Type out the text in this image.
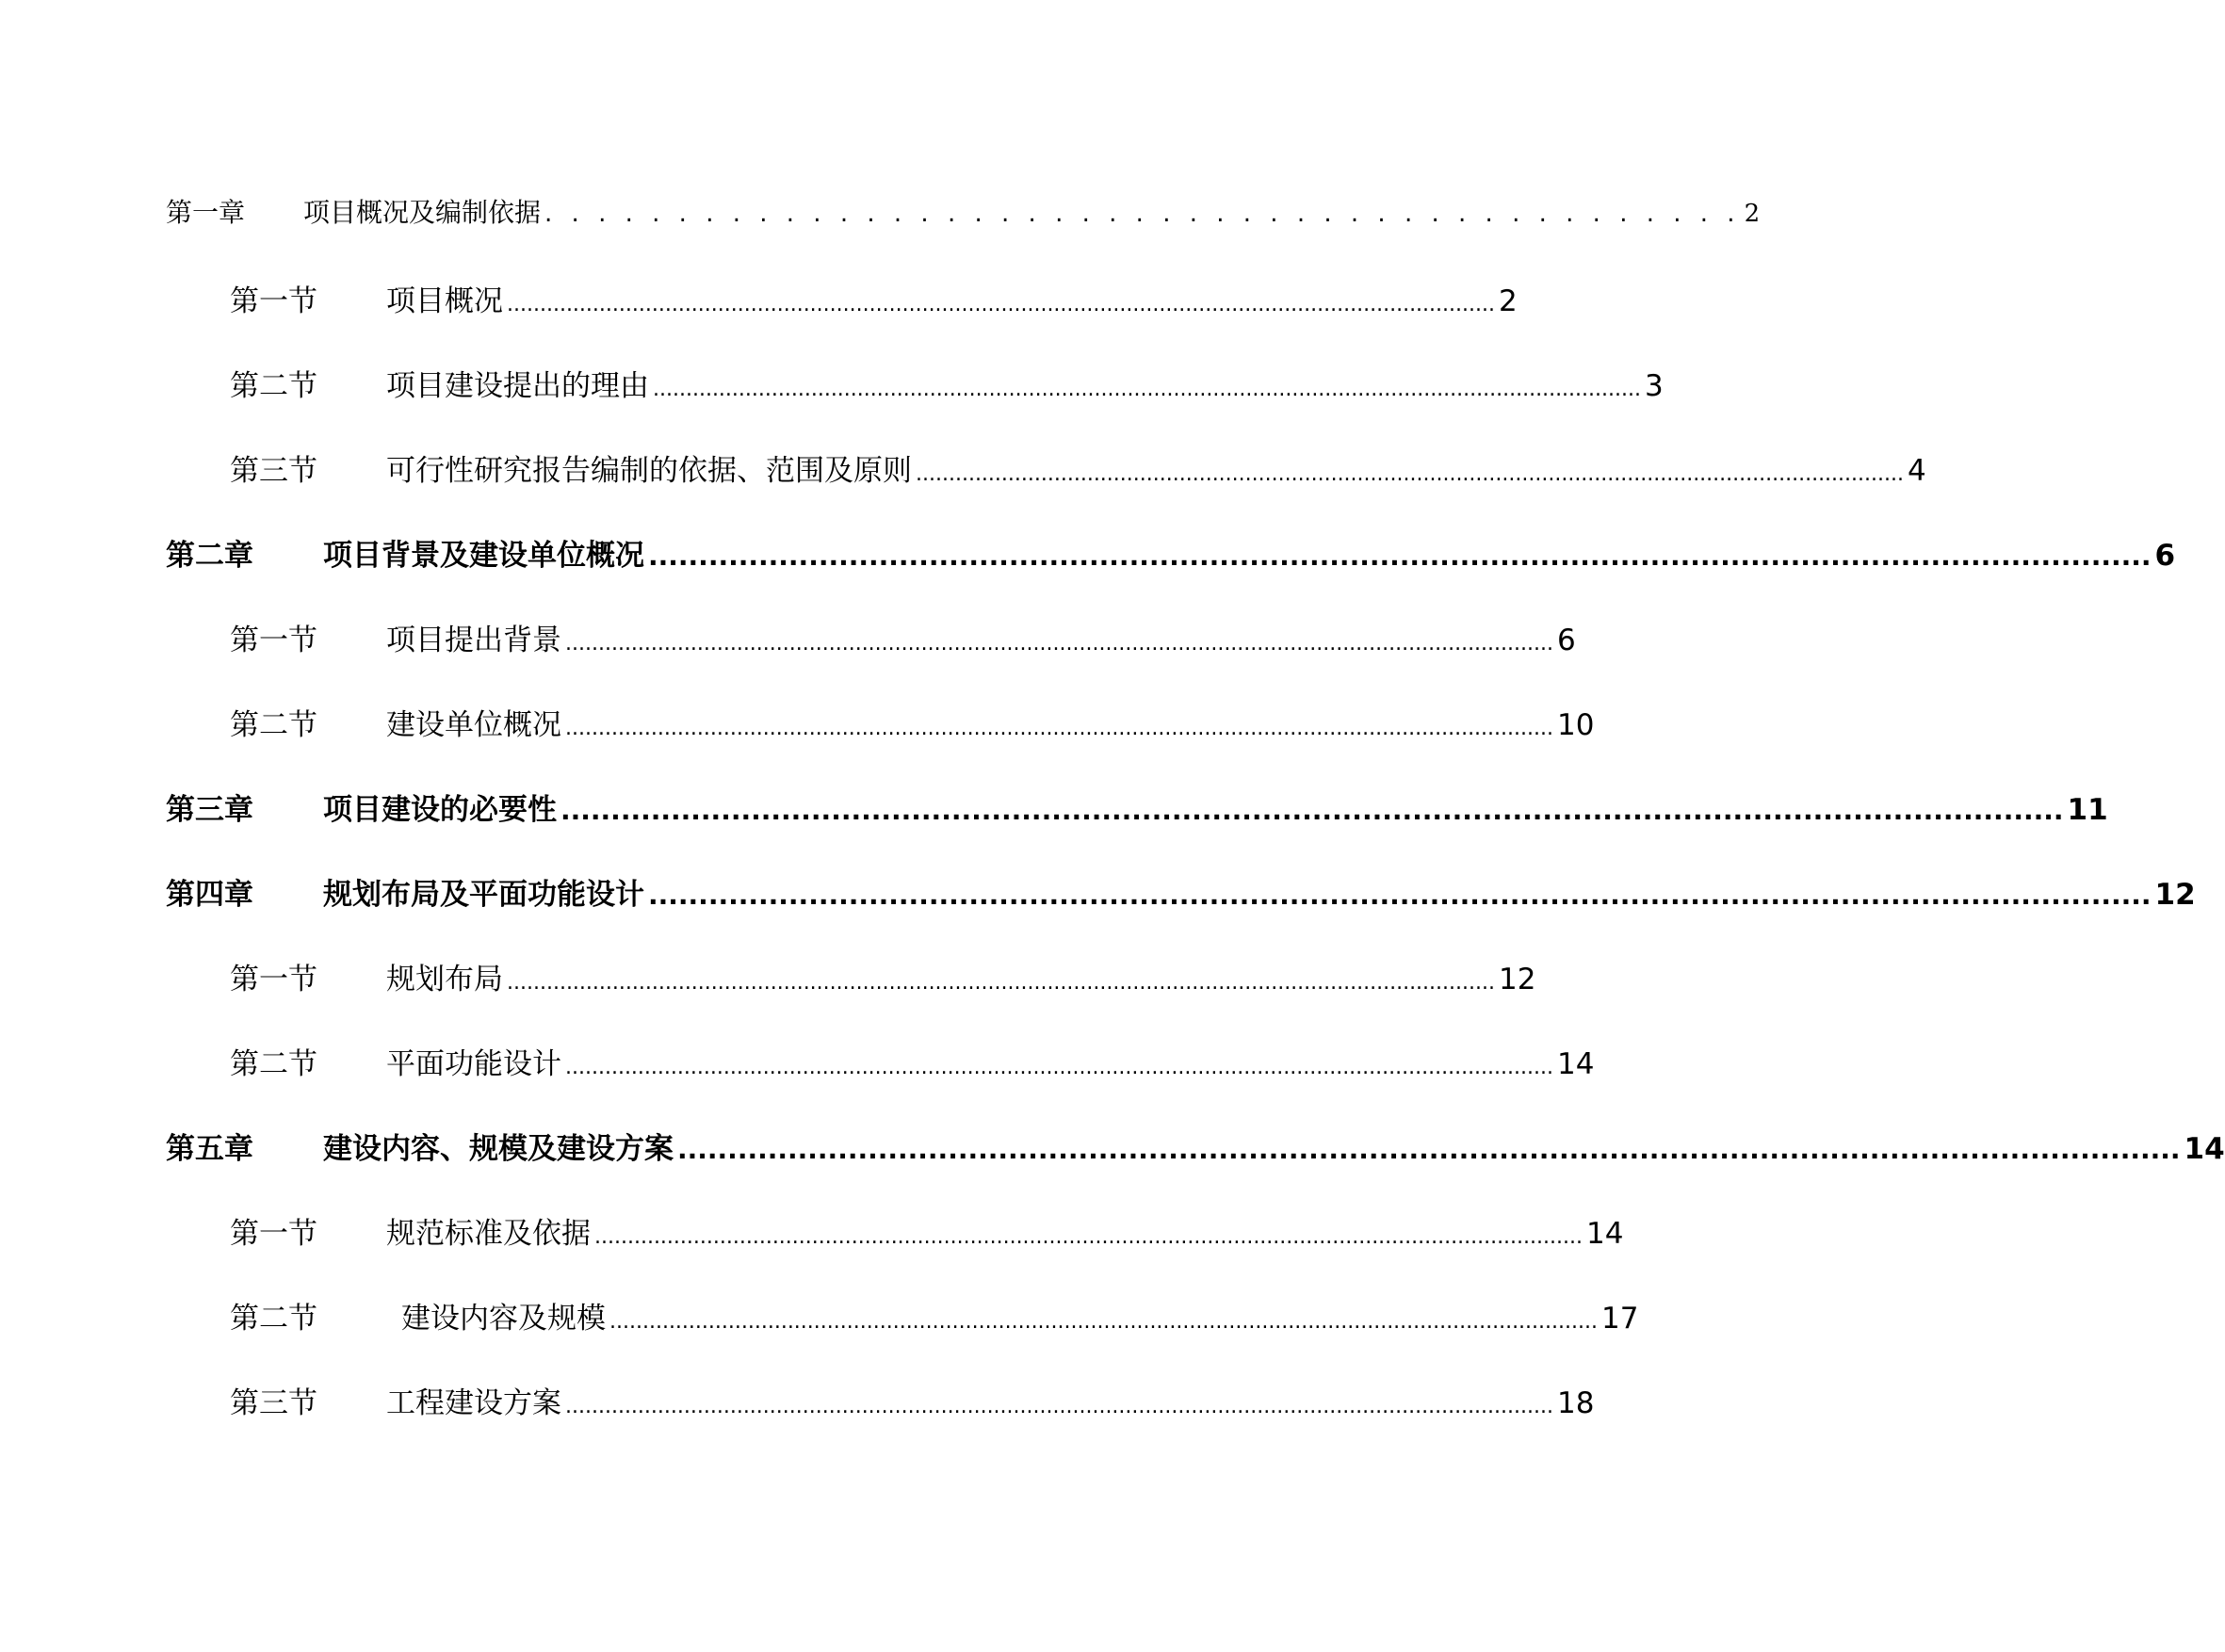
第一章	项目概况及编制依据 . . . . . . . . . . . . . . . . . . . . . . . . . . . . . . . . . . . . . . . . . . . . . 2
第一节	项目概况 ...................................................................................................................................................... 2
第二节	项目建设提出的理由 ...................................................................................................................................................... 3
第三节	可行性研究报告编制的依据、范围及原则 ...................................................................................................................................................... 4
第二章	项目背景及建设单位概况 ...................................................................................................................................................... 6
第一节	项目提出背景 ...................................................................................................................................................... 6
第二节	建设单位概况 ...................................................................................................................................................... 10
第三章	项目建设的必要性 ...................................................................................................................................................... 11
第四章	规划布局及平面功能设计 ...................................................................................................................................................... 12
第一节	规划布局 ...................................................................................................................................................... 12
第二节	平面功能设计 ...................................................................................................................................................... 14
第五章	建设内容、规模及建设方案 ...................................................................................................................................................... 14
第一节	规范标准及依据 ...................................................................................................................................................... 14
第二节	建设内容及规模 ...................................................................................................................................................... 17
第三节	工程建设方案 ...................................................................................................................................................... 18
